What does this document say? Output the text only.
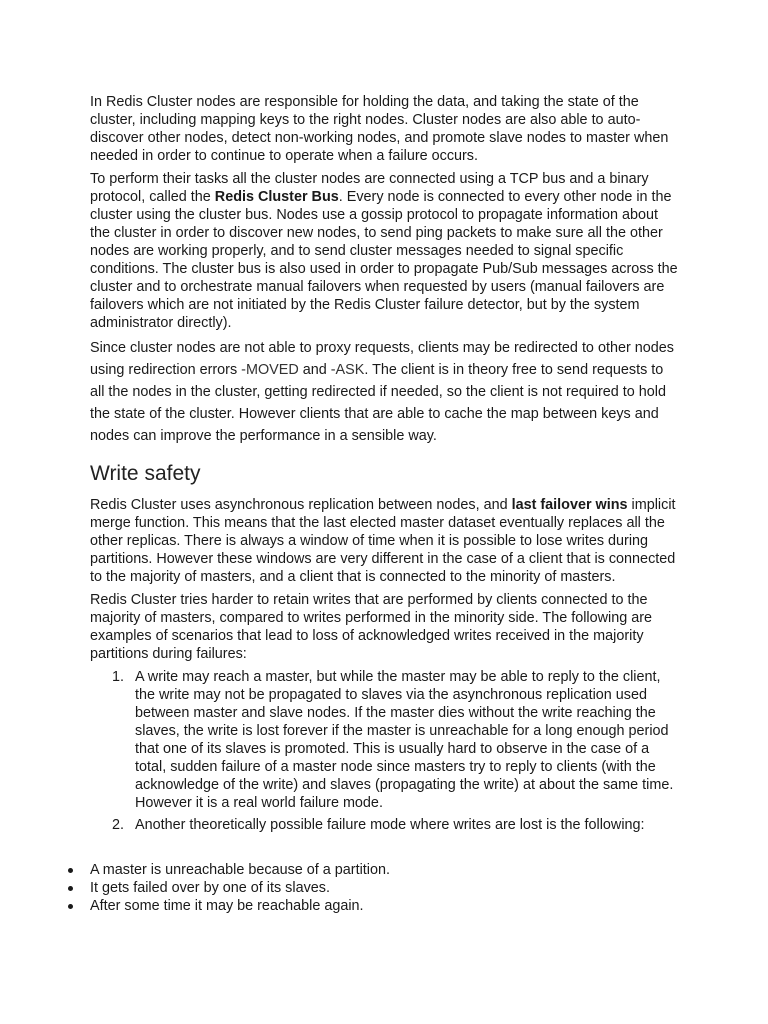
In Redis Cluster nodes are responsible for holding the data, and taking the state of the cluster, including mapping keys to the right nodes. Cluster nodes are also able to auto-discover other nodes, detect non-working nodes, and promote slave nodes to master when needed in order to continue to operate when a failure occurs.

To perform their tasks all the cluster nodes are connected using a TCP bus and a binary protocol, called the Redis Cluster Bus. Every node is connected to every other node in the cluster using the cluster bus. Nodes use a gossip protocol to propagate information about the cluster in order to discover new nodes, to send ping packets to make sure all the other nodes are working properly, and to send cluster messages needed to signal specific conditions. The cluster bus is also used in order to propagate Pub/Sub messages across the cluster and to orchestrate manual failovers when requested by users (manual failovers are failovers which are not initiated by the Redis Cluster failure detector, but by the system administrator directly).

Since cluster nodes are not able to proxy requests, clients may be redirected to other nodes using redirection errors -MOVED and -ASK. The client is in theory free to send requests to all the nodes in the cluster, getting redirected if needed, so the client is not required to hold the state of the cluster. However clients that are able to cache the map between keys and nodes can improve the performance in a sensible way.

Write safety

Redis Cluster uses asynchronous replication between nodes, and last failover wins implicit merge function. This means that the last elected master dataset eventually replaces all the other replicas. There is always a window of time when it is possible to lose writes during partitions. However these windows are very different in the case of a client that is connected to the majority of masters, and a client that is connected to the minority of masters.

Redis Cluster tries harder to retain writes that are performed by clients connected to the majority of masters, compared to writes performed in the minority side. The following are examples of scenarios that lead to loss of acknowledged writes received in the majority partitions during failures:

1. A write may reach a master, but while the master may be able to reply to the client, the write may not be propagated to slaves via the asynchronous replication used between master and slave nodes. If the master dies without the write reaching the slaves, the write is lost forever if the master is unreachable for a long enough period that one of its slaves is promoted. This is usually hard to observe in the case of a total, sudden failure of a master node since masters try to reply to clients (with the acknowledge of the write) and slaves (propagating the write) at about the same time. However it is a real world failure mode.
2. Another theoretically possible failure mode where writes are lost is the following:
A master is unreachable because of a partition.
It gets failed over by one of its slaves.
After some time it may be reachable again.
